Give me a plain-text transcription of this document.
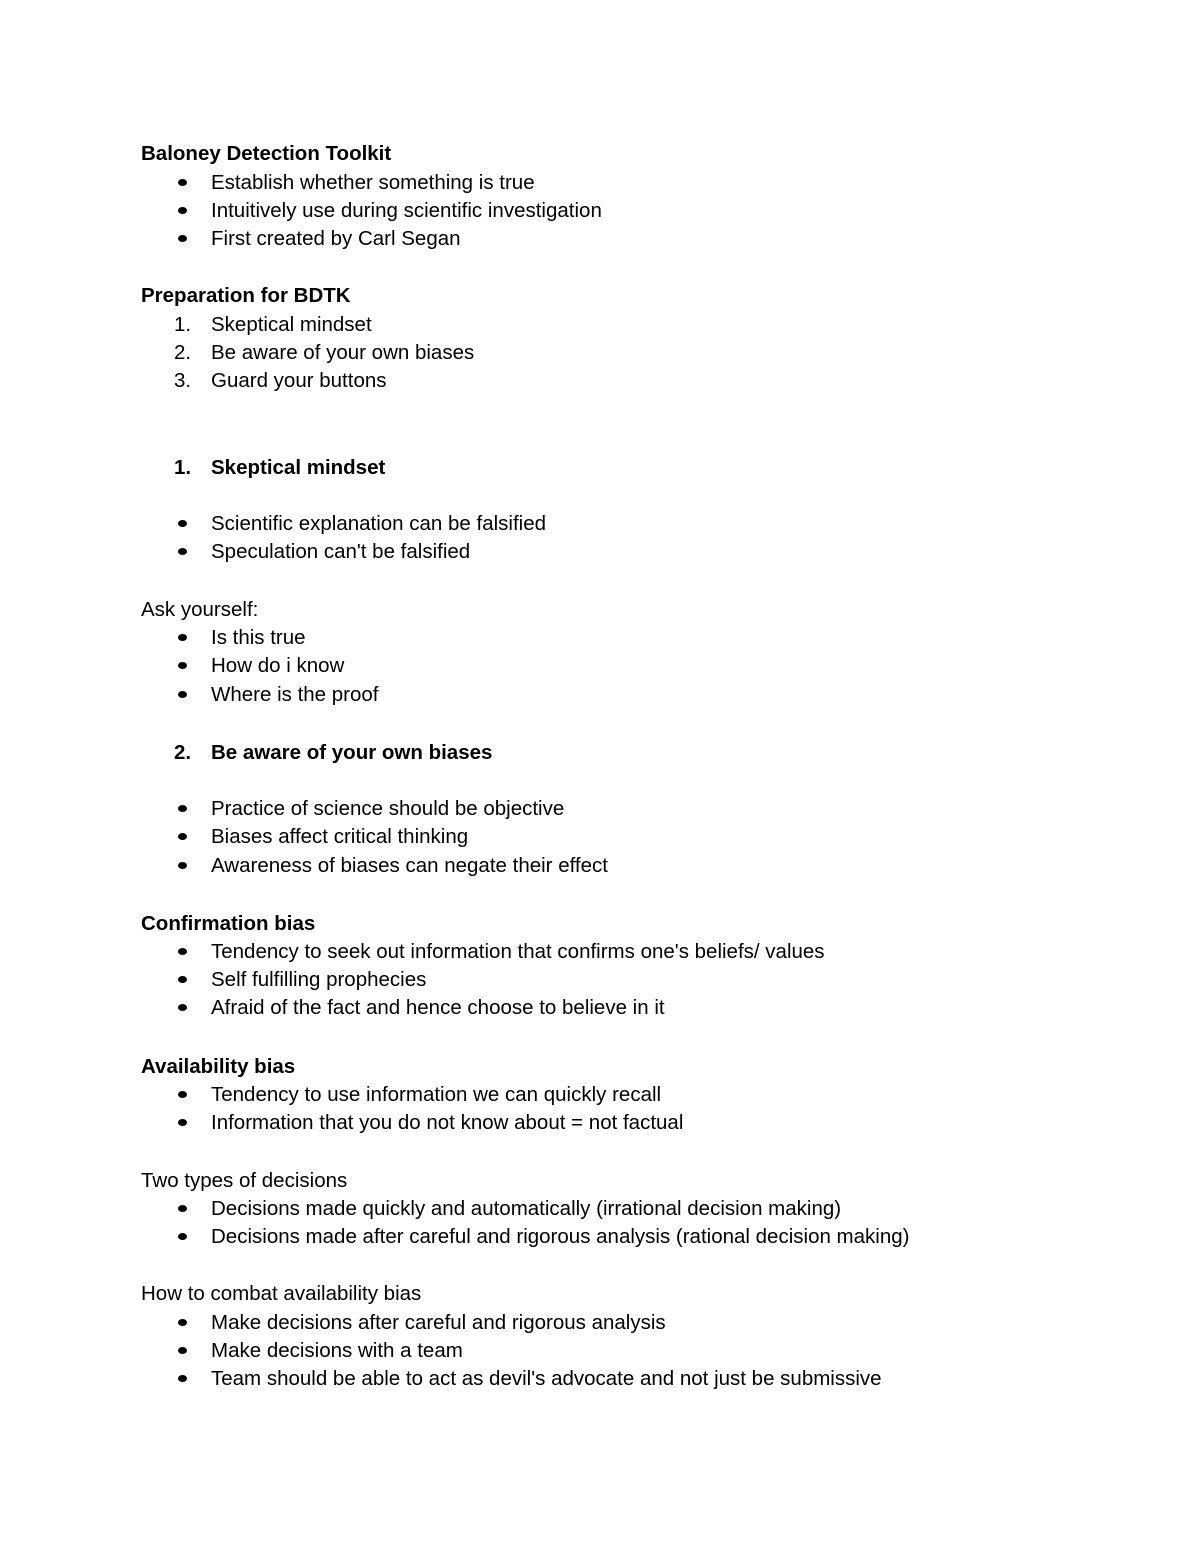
Baloney Detection Toolkit
Establish whether something is true
Intuitively use during scientific investigation
First created by Carl Segan
Preparation for BDTK
1. Skeptical mindset
2. Be aware of your own biases
3. Guard your buttons
1. Skeptical mindset
Scientific explanation can be falsified
Speculation can't be falsified
Ask yourself:
Is this true
How do i know
Where is the proof
2. Be aware of your own biases
Practice of science should be objective
Biases affect critical thinking
Awareness of biases can negate their effect
Confirmation bias
Tendency to seek out information that confirms one's beliefs/ values
Self fulfilling prophecies
Afraid of the fact and hence choose to believe in it
Availability bias
Tendency to use information we can quickly recall
Information that you do not know about = not factual
Two types of decisions
Decisions made quickly and automatically (irrational decision making)
Decisions made after careful and rigorous analysis (rational decision making)
How to combat availability bias
Make decisions after careful and rigorous analysis
Make decisions with a team
Team should be able to act as devil's advocate and not just be submissive
